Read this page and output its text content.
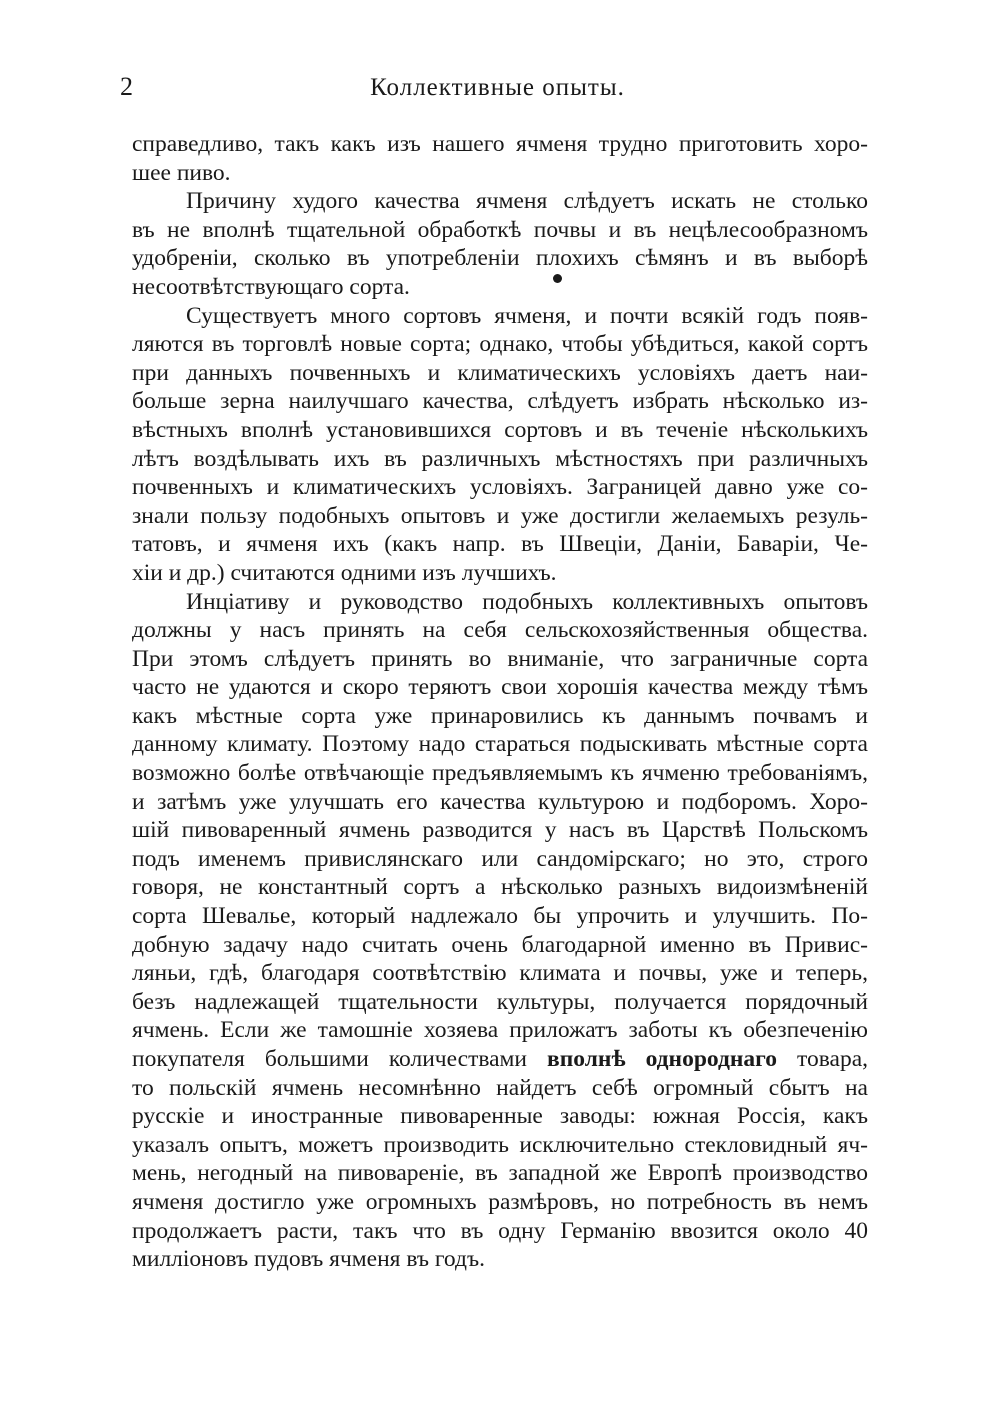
2	Коллективные опыты.
справедливо, такъ какъ изъ нашего ячменя трудно приготовить хоро-
шее пиво.
Причину худого качества ячменя слѣдуетъ искать не столько
въ не вполнѣ тщательной обработкѣ почвы и въ нецѣлесообразномъ
удобреніи, сколько въ употребленіи плохихъ сѣмянъ и въ выборѣ
несоотвѣтствующаго сорта.
Существуетъ много сортовъ ячменя, и почти всякій годъ появ-
ляются въ торговлѣ новые сорта; однако, чтобы убѣдиться, какой сортъ
при данныхъ почвенныхъ и климатическихъ условіяхъ даетъ наи-
больше зерна наилучшаго качества, слѣдуетъ избрать нѣсколько из-
вѣстныхъ вполнѣ установившихся сортовъ и въ теченіе нѣсколькихъ
лѣтъ воздѣлывать ихъ въ различныхъ мѣстностяхъ при различныхъ
почвенныхъ и климатическихъ условіяхъ. Заграницей давно уже со-
знали пользу подобныхъ опытовъ и уже достигли желаемыхъ резуль-
татовъ, и ячменя ихъ (какъ напр. въ Швеціи, Даніи, Баваріи, Че-
хіи и др.) считаются одними изъ лучшихъ.
Инціативу и руководство подобныхъ коллективныхъ опытовъ
должны у насъ принять на себя сельскохозяйственныя общества.
При этомъ слѣдуетъ принять во вниманіе, что заграничные сорта
часто не удаются и скоро теряютъ свои хорошія качества между тѣмъ
какъ мѣстные сорта уже принаровились къ даннымъ почвамъ и
данному климату. Поэтому надо стараться подыскивать мѣстные сорта
возможно болѣе отвѣчающіе предъявляемымъ къ ячменю требованіямъ,
и затѣмъ уже улучшать его качества культурою и подборомъ. Хоро-
шій пивоваренный ячмень разводится у насъ въ Царствѣ Польскомъ
подъ именемъ привислянскаго или сандомірскаго; но это, строго
говоря, не константный сортъ а нѣсколько разныхъ видоизмѣненій
сорта Шевалье, который надлежало бы упрочить и улучшить. По-
добную задачу надо считать очень благодарной именно въ Привис-
ляньи, гдѣ, благодаря соотвѣтствію климата и почвы, уже и теперь,
безъ надлежащей тщательности культуры, получается порядочный
ячмень. Если же тамошніе хозяева приложатъ заботы къ обезпеченію
покупателя большими количествами вполнѣ однороднаго товара,
то польскій ячмень несомнѣнно найдетъ себѣ огромный сбытъ на
русскіе и иностранные пивоваренные заводы: южная Россія, какъ
указалъ опытъ, можетъ производить исключительно стекловидный яч-
мень, негодный на пивовареніе, въ западной же Европѣ производство
ячменя достигло уже огромныхъ размѣровъ, но потребность въ немъ
продолжаетъ расти, такъ что въ одну Германію ввозится около 40
милліоновъ пудовъ ячменя въ годъ.
